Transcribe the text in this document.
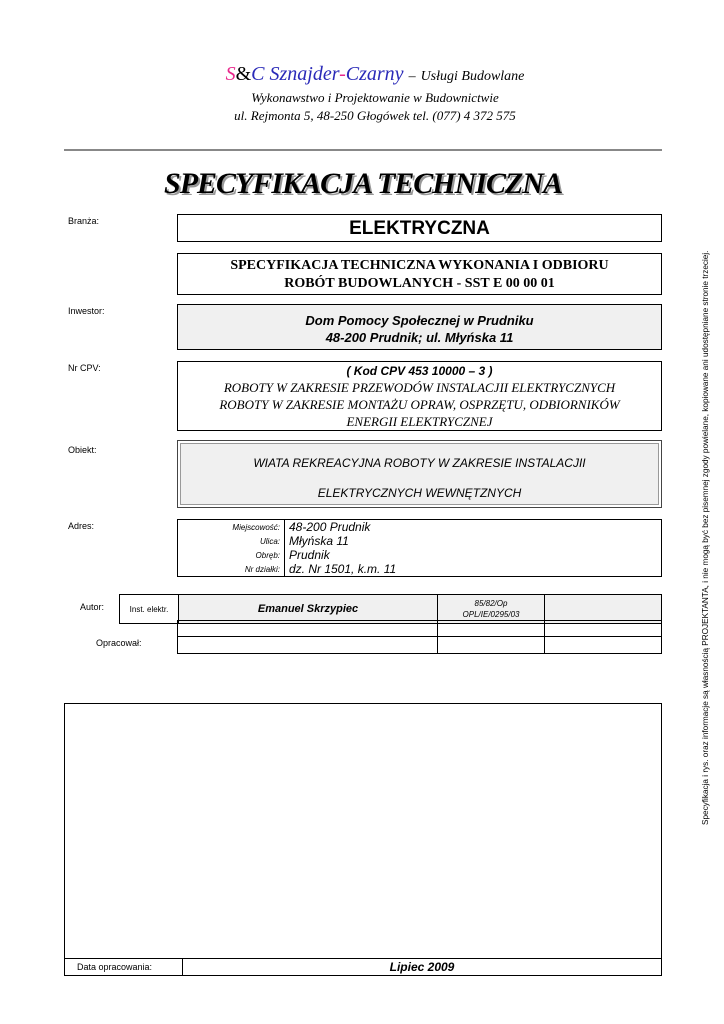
S&C Sznajder-Czarny – Usługi Budowlane
Wykonawstwo i Projektowanie w Budownictwie
ul. Rejmonta 5, 48-250 Głogówek tel. (077) 4 372 575
SPECYFIKACJA TECHNICZNA
Branża:	ELEKTRYCZNA
SPECYFIKACJA TECHNICZNA WYKONANIA I ODBIORU
ROBÓT BUDOWLANYCH - SST E 00 00 01
Inwestor:
Dom Pomocy Społecznej w Prudniku
48-200 Prudnik; ul. Młyńska 11
Nr CPV:	( Kod CPV 453 10000 – 3 )
ROBOTY W ZAKRESIE PRZEWODÓW INSTALACJII ELEKTRYCZNYCH
ROBOTY W ZAKRESIE MONTAŻU OPRAW, OSPRZĘTU, ODBIORNIKÓW
ENERGII ELEKTRYCZNEJ
Obiekt:
WIATA REKREACYJNA ROBOTY W ZAKRESIE INSTALACJII
ELEKTRYCZNYCH WEWNĘTZNYCH
Adres:	Miejscowość:	48-200 Prudnik
Ulica:	Młyńska 11
Obręb:	Prudnik
Nr działki:	dz. Nr 1501, k.m. 11
Autor:	Inst. elektr.	Emanuel Skrzypiec	85/82/Op
OPL/IE/0295/03

Opracował:

Data opracowania:	Lipiec 2009
Specyfikacja i rys. oraz informacje są własnością PROJEKTANTA, i nie mogą być bez pisemnej zgody powielane, kopiowane ani udostępniane stronie trzeciej.
